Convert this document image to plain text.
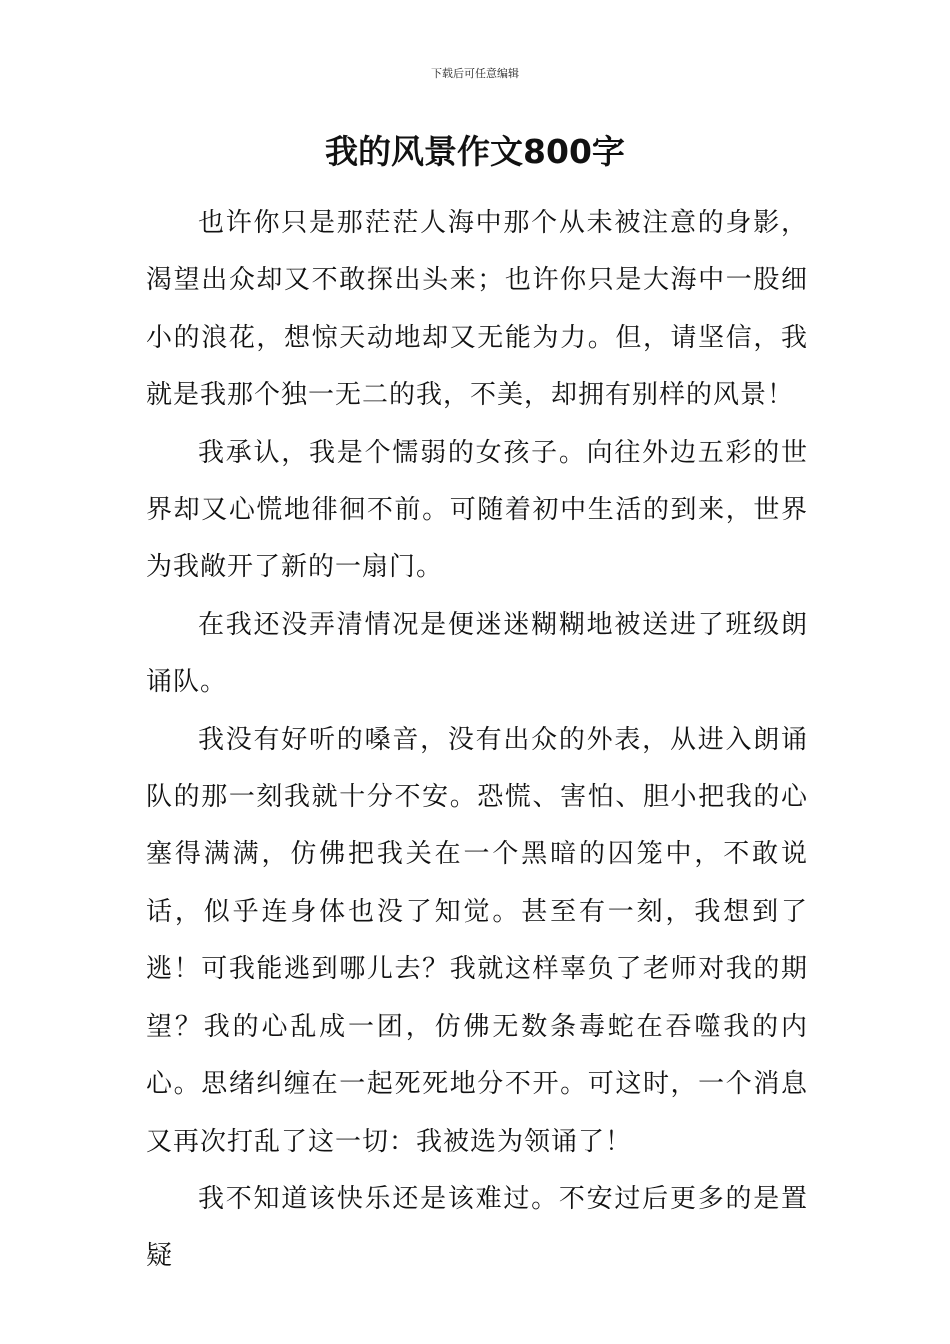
下载后可任意编辑
我的风景作文800字

也许你只是那茫茫人海中那个从未被注意的身影，渴望出众却又不敢探出头来；也许你只是大海中一股细小的浪花，想惊天动地却又无能为力。但，请坚信，我就是我那个独一无二的我，不美，却拥有别样的风景！

我承认，我是个懦弱的女孩子。向往外边五彩的世界却又心慌地徘徊不前。可随着初中生活的到来，世界为我敞开了新的一扇门。

在我还没弄清情况是便迷迷糊糊地被送进了班级朗诵队。

我没有好听的嗓音，没有出众的外表，从进入朗诵队的那一刻我就十分不安。恐慌、害怕、胆小把我的心塞得满满，仿佛把我关在一个黑暗的囚笼中，不敢说话，似乎连身体也没了知觉。甚至有一刻，我想到了逃！可我能逃到哪儿去？我就这样辜负了老师对我的期望？我的心乱成一团，仿佛无数条毒蛇在吞噬我的内心。思绪纠缠在一起死死地分不开。可这时，一个消息又再次打乱了这一切：我被选为领诵了！

我不知道该快乐还是该难过。不安过后更多的是置疑
